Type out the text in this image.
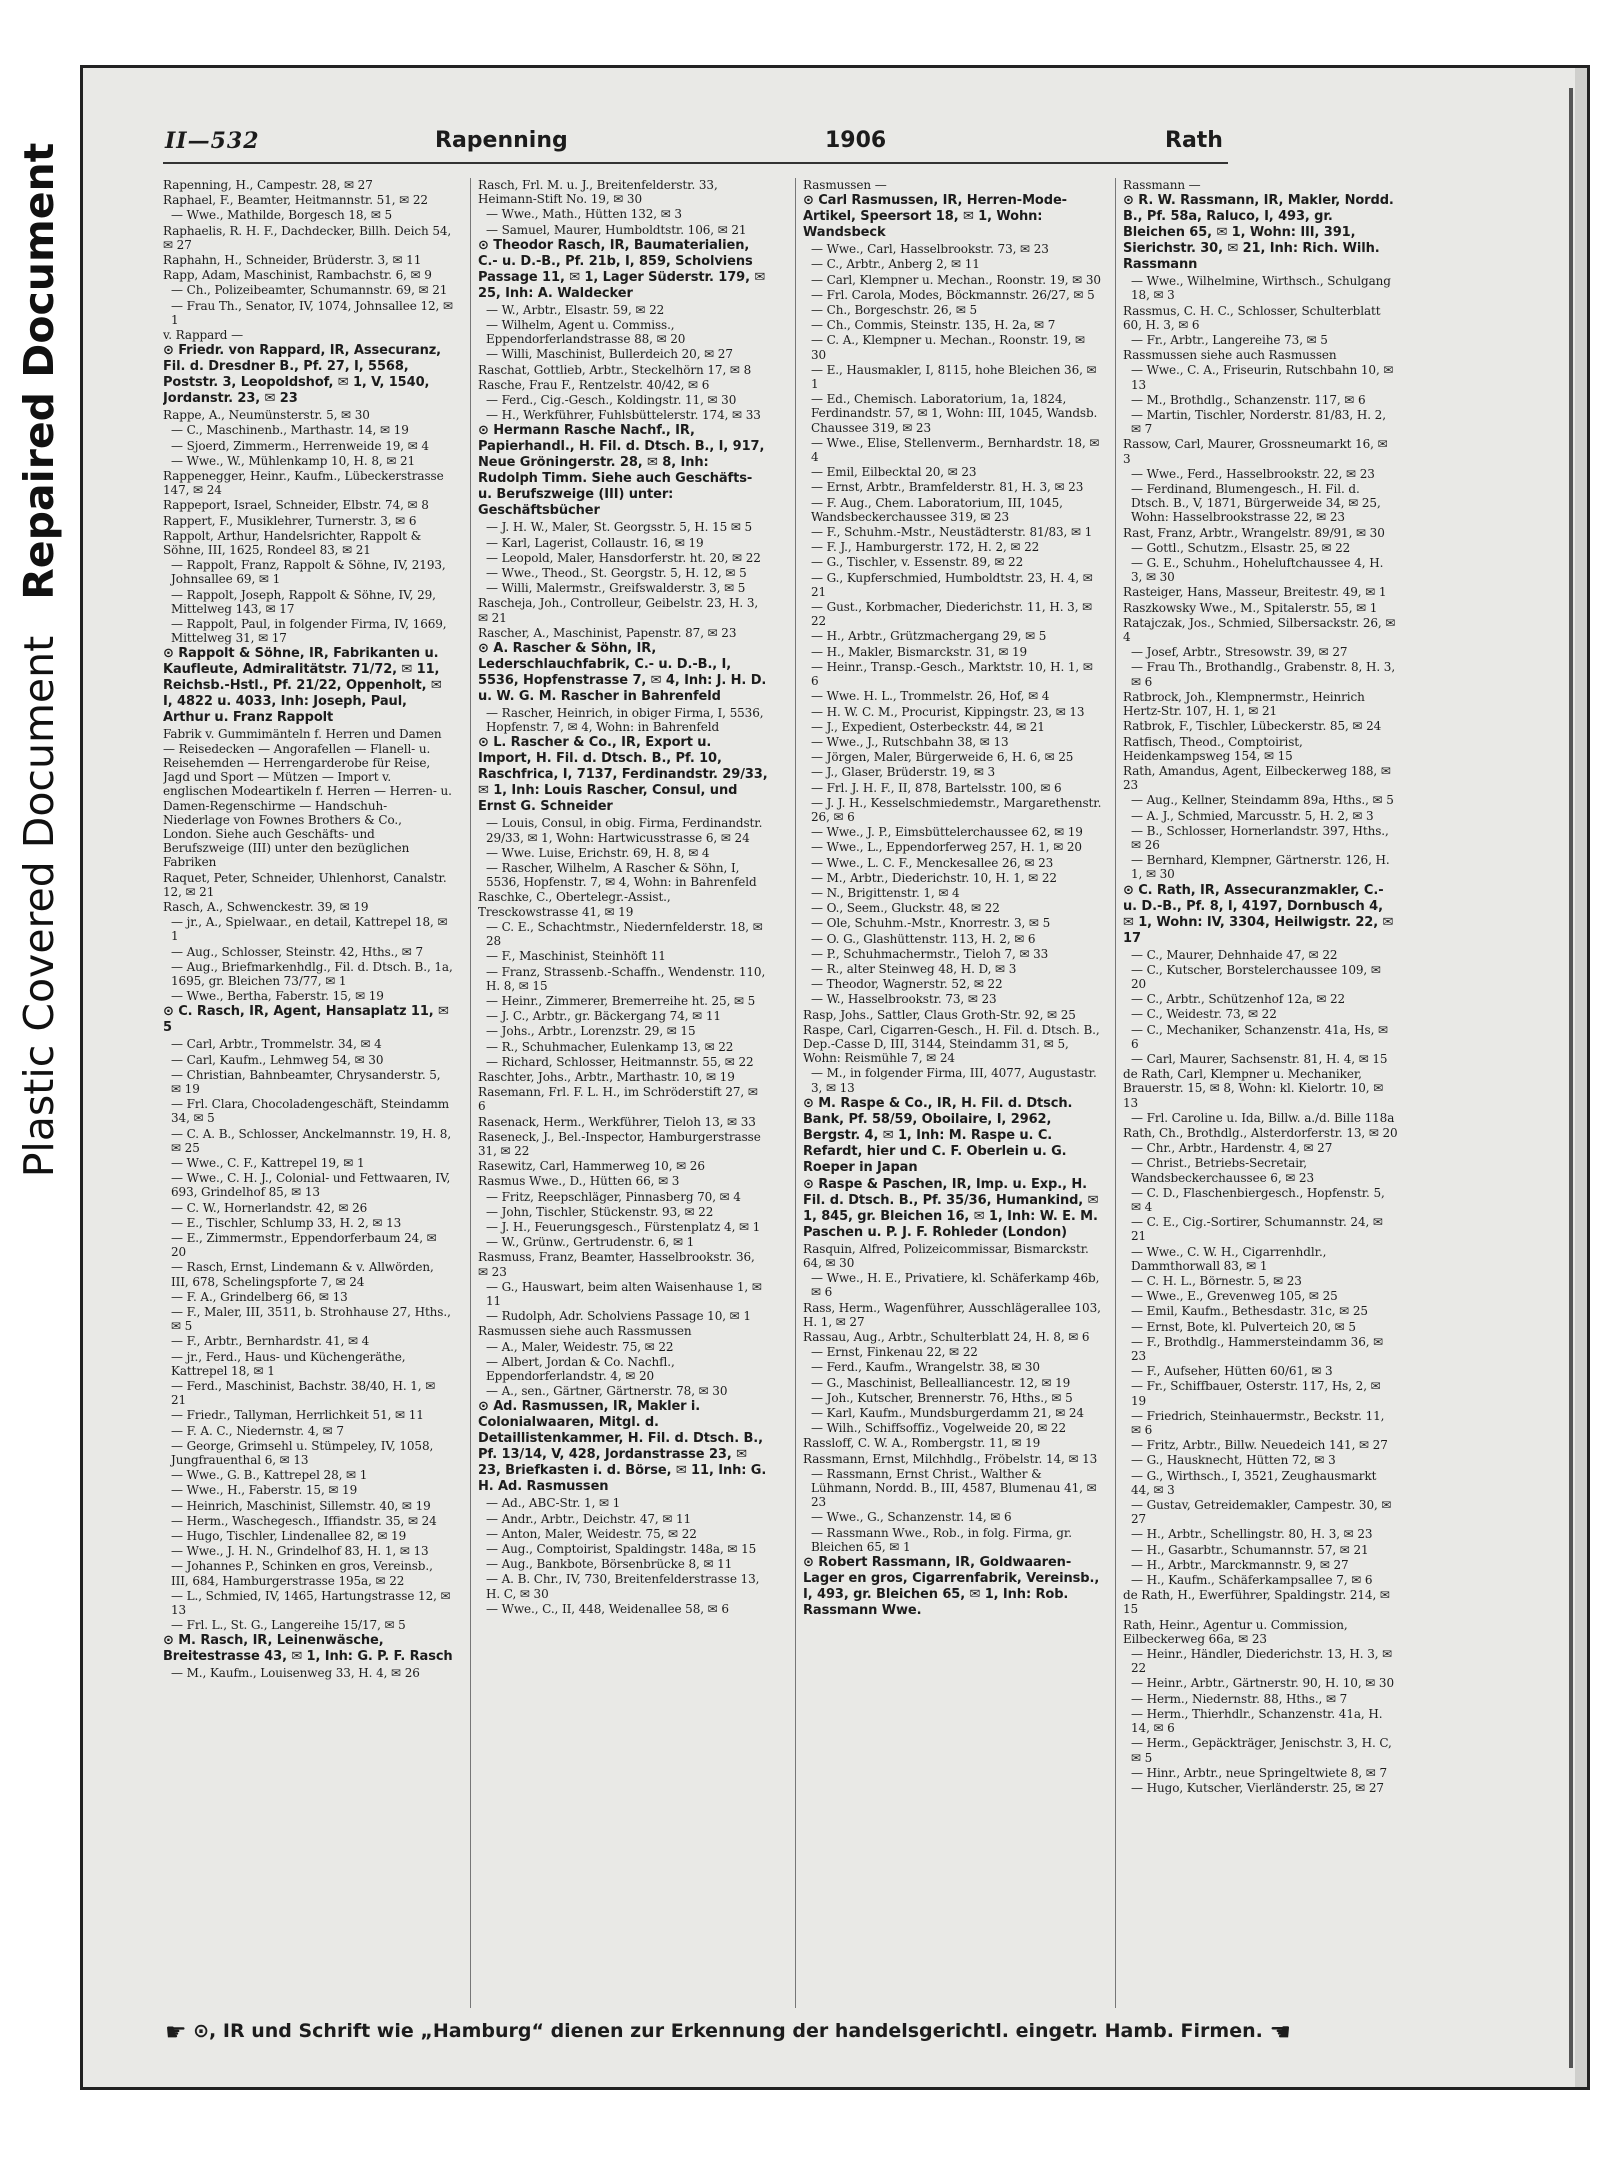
Plastic Covered DocumentRepaired Document
II—532	Rapenning	1906	Rath
Rapenning, H., Campestr. 28, ✉ 27
Raphael, F., Beamter, Heitmannstr. 51, ✉ 22
— Wwe., Mathilde, Borgesch 18, ✉ 5
Raphaelis, R. H. F., Dachdecker, Billh. Deich 54, ✉ 27
Raphahn, H., Schneider, Brüderstr. 3, ✉ 11
Rapp, Adam, Maschinist, Rambachstr. 6, ✉ 9
— Ch., Polizeibeamter, Schumannstr. 69, ✉ 21
— Frau Th., Senator, IV, 1074, Johnsallee 12, ✉ 1
v. Rappard —
⊙ Friedr. von Rappard, IR, Assecuranz, Fil. d. Dresdner B., Pf. 27, I, 5568, Poststr. 3, Leopoldshof, ✉ 1, V, 1540, Jordanstr. 23, ✉ 23
Rappe, A., Neumünsterstr. 5, ✉ 30
— C., Maschinenb., Marthastr. 14, ✉ 19
— Sjoerd, Zimmerm., Herrenweide 19, ✉ 4
— Wwe., W., Mühlenkamp 10, H. 8, ✉ 21
Rappenegger, Heinr., Kaufm., Lübeckerstrasse 147, ✉ 24
Rappeport, Israel, Schneider, Elbstr. 74, ✉ 8
Rappert, F., Musiklehrer, Turnerstr. 3, ✉ 6
Rappolt, Arthur, Handelsrichter, Rappolt & Söhne, III, 1625, Rondeel 83, ✉ 21
— Rappolt, Franz, Rappolt & Söhne, IV, 2193, Johnsallee 69, ✉ 1
— Rappolt, Joseph, Rappolt & Söhne, IV, 29, Mittelweg 143, ✉ 17
— Rappolt, Paul, in folgender Firma, IV, 1669, Mittelweg 31, ✉ 17
⊙ Rappolt & Söhne, IR, Fabrikanten u. Kaufleute, Admiralitätstr. 71/72, ✉ 11, Reichsb.-Hstl., Pf. 21/22, Oppenholt, ✉ I, 4822 u. 4033, Inh: Joseph, Paul, Arthur u. Franz Rappolt
Fabrik v. Gummimänteln f. Herren und Damen — Reisedecken — Angorafellen — Flanell- u. Reisehemden — Herrengarderobe für Reise, Jagd und Sport — Mützen — Import v. englischen Modeartikeln f. Herren — Herren- u. Damen-Regenschirme — Handschuh-Niederlage von Fownes Brothers & Co., London. Siehe auch Geschäfts- und Berufszweige (III) unter den bezüglichen Fabriken
Raquet, Peter, Schneider, Uhlenhorst, Canalstr. 12, ✉ 21
Rasch, A., Schwenckestr. 39, ✉ 19
— jr., A., Spielwaar., en detail, Kattrepel 18, ✉ 1
— Aug., Schlosser, Steinstr. 42, Hths., ✉ 7
— Aug., Briefmarkenhdlg., Fil. d. Dtsch. B., 1a, 1695, gr. Bleichen 73/77, ✉ 1
— Wwe., Bertha, Faberstr. 15, ✉ 19
⊙ C. Rasch, IR, Agent, Hansaplatz 11, ✉ 5
— Carl, Arbtr., Trommelstr. 34, ✉ 4
— Carl, Kaufm., Lehmweg 54, ✉ 30
— Christian, Bahnbeamter, Chrysanderstr. 5, ✉ 19
— Frl. Clara, Chocoladengeschäft, Steindamm 34, ✉ 5
— C. A. B., Schlosser, Anckelmannstr. 19, H. 8, ✉ 25
— Wwe., C. F., Kattrepel 19, ✉ 1
— Wwe., C. H. J., Colonial- und Fettwaaren, IV, 693, Grindelhof 85, ✉ 13
— C. W., Hornerlandstr. 42, ✉ 26
— E., Tischler, Schlump 33, H. 2, ✉ 13
— E., Zimmermstr., Eppendorferbaum 24, ✉ 20
— Rasch, Ernst, Lindemann & v. Allwörden, III, 678, Schelingspforte 7, ✉ 24
— F. A., Grindelberg 66, ✉ 13
— F., Maler, III, 3511, b. Strohhause 27, Hths., ✉ 5
— F., Arbtr., Bernhardstr. 41, ✉ 4
— jr., Ferd., Haus- und Küchengeräthe, Kattrepel 18, ✉ 1
— Ferd., Maschinist, Bachstr. 38/40, H. 1, ✉ 21
— Friedr., Tallyman, Herrlichkeit 51, ✉ 11
— F. A. C., Niedernstr. 4, ✉ 7
— George, Grimsehl u. Stümpeley, IV, 1058, Jungfrauenthal 6, ✉ 13
— Wwe., G. B., Kattrepel 28, ✉ 1
— Wwe., H., Faberstr. 15, ✉ 19
— Heinrich, Maschinist, Sillemstr. 40, ✉ 19
— Herm., Waschegesch., Iffiandstr. 35, ✉ 24
— Hugo, Tischler, Lindenallee 82, ✉ 19
— Wwe., J. H. N., Grindelhof 83, H. 1, ✉ 13
— Johannes P., Schinken en gros, Vereinsb., III, 684, Hamburgerstrasse 195a, ✉ 22
— L., Schmied, IV, 1465, Hartungstrasse 12, ✉ 13
— Frl. L., St. G., Langereihe 15/17, ✉ 5
⊙ M. Rasch, IR, Leinenwäsche, Breitestrasse 43, ✉ 1, Inh: G. P. F. Rasch
— M., Kaufm., Louisenweg 33, H. 4, ✉ 26
Rasch, Frl. M. u. J., Breitenfelderstr. 33, Heimann-Stift No. 19, ✉ 30
— Wwe., Math., Hütten 132, ✉ 3
— Samuel, Maurer, Humboldtstr. 106, ✉ 21
⊙ Theodor Rasch, IR, Baumaterialien, C.- u. D.-B., Pf. 21b, I, 859, Scholviens Passage 11, ✉ 1, Lager Süderstr. 179, ✉ 25, Inh: A. Waldecker
— W., Arbtr., Elsastr. 59, ✉ 22
— Wilhelm, Agent u. Commiss., Eppendorferlandstrasse 88, ✉ 20
— Willi, Maschinist, Bullerdeich 20, ✉ 27
Raschat, Gottlieb, Arbtr., Steckelhörn 17, ✉ 8
Rasche, Frau F., Rentzelstr. 40/42, ✉ 6
— Ferd., Cig.-Gesch., Koldingstr. 11, ✉ 30
— H., Werkführer, Fuhlsbüttelerstr. 174, ✉ 33
⊙ Hermann Rasche Nachf., IR, Papierhandl., H. Fil. d. Dtsch. B., I, 917, Neue Gröningerstr. 28, ✉ 8, Inh: Rudolph Timm. Siehe auch Geschäfts- u. Berufszweige (III) unter: Geschäftsbücher
— J. H. W., Maler, St. Georgsstr. 5, H. 15 ✉ 5
— Karl, Lagerist, Collaustr. 16, ✉ 19
— Leopold, Maler, Hansdorferstr. ht. 20, ✉ 22
— Wwe., Theod., St. Georgstr. 5, H. 12, ✉ 5
— Willi, Malermstr., Greifswalderstr. 3, ✉ 5
Rascheja, Joh., Controlleur, Geibelstr. 23, H. 3, ✉ 21
Rascher, A., Maschinist, Papenstr. 87, ✉ 23
⊙ A. Rascher & Söhn, IR, Lederschlauchfabrik, C.- u. D.-B., I, 5536, Hopfenstrasse 7, ✉ 4, Inh: J. H. D. u. W. G. M. Rascher in Bahrenfeld
— Rascher, Heinrich, in obiger Firma, I, 5536, Hopfenstr. 7, ✉ 4, Wohn: in Bahrenfeld
⊙ L. Rascher & Co., IR, Export u. Import, H. Fil. d. Dtsch. B., Pf. 10, Raschfrica, I, 7137, Ferdinandstr. 29/33, ✉ 1, Inh: Louis Rascher, Consul, und Ernst G. Schneider
— Louis, Consul, in obig. Firma, Ferdinandstr. 29/33, ✉ 1, Wohn: Hartwicusstrasse 6, ✉ 24
— Wwe. Luise, Erichstr. 69, H. 8, ✉ 4
— Rascher, Wilhelm, A Rascher & Söhn, I, 5536, Hopfenstr. 7, ✉ 4, Wohn: in Bahrenfeld
Raschke, C., Obertelegr.-Assist., Tresckowstrasse 41, ✉ 19
— C. E., Schachtmstr., Niedernfelderstr. 18, ✉ 28
— F., Maschinist, Steinhöft 11
— Franz, Strassenb.-Schaffn., Wendenstr. 110, H. 8, ✉ 15
— Heinr., Zimmerer, Bremerreihe ht. 25, ✉ 5
— J. C., Arbtr., gr. Bäckergang 74, ✉ 11
— Johs., Arbtr., Lorenzstr. 29, ✉ 15
— R., Schuhmacher, Eulenkamp 13, ✉ 22
— Richard, Schlosser, Heitmannstr. 55, ✉ 22
Raschter, Johs., Arbtr., Marthastr. 10, ✉ 19
Rasemann, Frl. F. L. H., im Schröderstift 27, ✉ 6
Rasenack, Herm., Werkführer, Tieloh 13, ✉ 33
Raseneck, J., Bel.-Inspector, Hamburgerstrasse 31, ✉ 22
Rasewitz, Carl, Hammerweg 10, ✉ 26
Rasmus Wwe., D., Hütten 66, ✉ 3
— Fritz, Reepschläger, Pinnasberg 70, ✉ 4
— John, Tischler, Stückenstr. 93, ✉ 22
— J. H., Feuerungsgesch., Fürstenplatz 4, ✉ 1
— W., Grünw., Gertrudenstr. 6, ✉ 1
Rasmuss, Franz, Beamter, Hasselbrookstr. 36, ✉ 23
— G., Hauswart, beim alten Waisenhause 1, ✉ 11
— Rudolph, Adr. Scholviens Passage 10, ✉ 1
Rasmussen siehe auch Rassmussen
— A., Maler, Weidestr. 75, ✉ 22
— Albert, Jordan & Co. Nachfl., Eppendorferlandstr. 4, ✉ 20
— A., sen., Gärtner, Gärtnerstr. 78, ✉ 30
⊙ Ad. Rasmussen, IR, Makler i. Colonialwaaren, Mitgl. d. Detaillistenkammer, H. Fil. d. Dtsch. B., Pf. 13/14, V, 428, Jordanstrasse 23, ✉ 23, Briefkasten i. d. Börse, ✉ 11, Inh: G. H. Ad. Rasmussen
— Ad., ABC-Str. 1, ✉ 1
— Andr., Arbtr., Deichstr. 47, ✉ 11
— Anton, Maler, Weidestr. 75, ✉ 22
— Aug., Comptoirist, Spaldingstr. 148a, ✉ 15
— Aug., Bankbote, Börsenbrücke 8, ✉ 11
— A. B. Chr., IV, 730, Breitenfelderstrasse 13, H. C, ✉ 30
— Wwe., C., II, 448, Weidenallee 58, ✉ 6
Rasmussen —
⊙ Carl Rasmussen, IR, Herren-Mode-Artikel, Speersort 18, ✉ 1, Wohn: Wandsbeck
— Wwe., Carl, Hasselbrookstr. 73, ✉ 23
— C., Arbtr., Anberg 2, ✉ 11
— Carl, Klempner u. Mechan., Roonstr. 19, ✉ 30
— Frl. Carola, Modes, Böckmannstr. 26/27, ✉ 5
— Ch., Borgeschstr. 26, ✉ 5
— Ch., Commis, Steinstr. 135, H. 2a, ✉ 7
— C. A., Klempner u. Mechan., Roonstr. 19, ✉ 30
— E., Hausmakler, I, 8115, hohe Bleichen 36, ✉ 1
— Ed., Chemisch. Laboratorium, 1a, 1824, Ferdinandstr. 57, ✉ 1, Wohn: III, 1045, Wandsb. Chaussee 319, ✉ 23
— Wwe., Elise, Stellenverm., Bernhardstr. 18, ✉ 4
— Emil, Eilbecktal 20, ✉ 23
— Ernst, Arbtr., Bramfelderstr. 81, H. 3, ✉ 23
— F. Aug., Chem. Laboratorium, III, 1045, Wandsbeckerchaussee 319, ✉ 23
— F., Schuhm.-Mstr., Neustädterstr. 81/83, ✉ 1
— F. J., Hamburgerstr. 172, H. 2, ✉ 22
— G., Tischler, v. Essenstr. 89, ✉ 22
— G., Kupferschmied, Humboldtstr. 23, H. 4, ✉ 21
— Gust., Korbmacher, Diederichstr. 11, H. 3, ✉ 22
— H., Arbtr., Grützmachergang 29, ✉ 5
— H., Makler, Bismarckstr. 31, ✉ 19
— Heinr., Transp.-Gesch., Marktstr. 10, H. 1, ✉ 6
— Wwe. H. L., Trommelstr. 26, Hof, ✉ 4
— H. W. C. M., Procurist, Kippingstr. 23, ✉ 13
— J., Expedient, Osterbeckstr. 44, ✉ 21
— Wwe., J., Rutschbahn 38, ✉ 13
— Jörgen, Maler, Bürgerweide 6, H. 6, ✉ 25
— J., Glaser, Brüderstr. 19, ✉ 3
— Frl. J. H. F., II, 878, Bartelsstr. 100, ✉ 6
— J. J. H., Kesselschmiedemstr., Margarethenstr. 26, ✉ 6
— Wwe., J. P., Eimsbüttelerchaussee 62, ✉ 19
— Wwe., L., Eppendorferweg 257, H. 1, ✉ 20
— Wwe., L. C. F., Menckesallee 26, ✉ 23
— M., Arbtr., Diederichstr. 10, H. 1, ✉ 22
— N., Brigittenstr. 1, ✉ 4
— O., Seem., Gluckstr. 48, ✉ 22
— Ole, Schuhm.-Mstr., Knorrestr. 3, ✉ 5
— O. G., Glashüttenstr. 113, H. 2, ✉ 6
— P., Schuhmachermstr., Tieloh 7, ✉ 33
— R., alter Steinweg 48, H. D, ✉ 3
— Theodor, Wagnerstr. 52, ✉ 22
— W., Hasselbrookstr. 73, ✉ 23
Rasp, Johs., Sattler, Claus Groth-Str. 92, ✉ 25
Raspe, Carl, Cigarren-Gesch., H. Fil. d. Dtsch. B., Dep.-Casse D, III, 3144, Steindamm 31, ✉ 5, Wohn: Reismühle 7, ✉ 24
— M., in folgender Firma, III, 4077, Augustastr. 3, ✉ 13
⊙ M. Raspe & Co., IR, H. Fil. d. Dtsch. Bank, Pf. 58/59, Oboilaire, I, 2962, Bergstr. 4, ✉ 1, Inh: M. Raspe u. C. Refardt, hier und C. F. Oberlein u. G. Roeper in Japan
⊙ Raspe & Paschen, IR, Imp. u. Exp., H. Fil. d. Dtsch. B., Pf. 35/36, Humankind, ✉ 1, 845, gr. Bleichen 16, ✉ 1, Inh: W. E. M. Paschen u. P. J. F. Rohleder (London)
Rasquin, Alfred, Polizeicommissar, Bismarckstr. 64, ✉ 30
— Wwe., H. E., Privatiere, kl. Schäferkamp 46b, ✉ 6
Rass, Herm., Wagenführer, Ausschlägerallee 103, H. 1, ✉ 27
Rassau, Aug., Arbtr., Schulterblatt 24, H. 8, ✉ 6
— Ernst, Finkenau 22, ✉ 22
— Ferd., Kaufm., Wrangelstr. 38, ✉ 30
— G., Maschinist, Bellealliancestr. 12, ✉ 19
— Joh., Kutscher, Brennerstr. 76, Hths., ✉ 5
— Karl, Kaufm., Mundsburgerdamm 21, ✉ 24
— Wilh., Schiffsoffiz., Vogelweide 20, ✉ 22
Rassloff, C. W. A., Rombergstr. 11, ✉ 19
Rassmann, Ernst, Milchhdlg., Fröbelstr. 14, ✉ 13
— Rassmann, Ernst Christ., Walther & Lühmann, Nordd. B., III, 4587, Blumenau 41, ✉ 23
— Wwe., G., Schanzenstr. 14, ✉ 6
— Rassmann Wwe., Rob., in folg. Firma, gr. Bleichen 65, ✉ 1
⊙ Robert Rassmann, IR, Goldwaaren-Lager en gros, Cigarrenfabrik, Vereinsb., I, 493, gr. Bleichen 65, ✉ 1, Inh: Rob. Rassmann Wwe.
Rassmann —
⊙ R. W. Rassmann, IR, Makler, Nordd. B., Pf. 58a, Raluco, I, 493, gr. Bleichen 65, ✉ 1, Wohn: III, 391, Sierichstr. 30, ✉ 21, Inh: Rich. Wilh. Rassmann
— Wwe., Wilhelmine, Wirthsch., Schulgang 18, ✉ 3
Rassmus, C. H. C., Schlosser, Schulterblatt 60, H. 3, ✉ 6
— Fr., Arbtr., Langereihe 73, ✉ 5
Rassmussen siehe auch Rasmussen
— Wwe., C. A., Friseurin, Rutschbahn 10, ✉ 13
— M., Brothdlg., Schanzenstr. 117, ✉ 6
— Martin, Tischler, Norderstr. 81/83, H. 2, ✉ 7
Rassow, Carl, Maurer, Grossneumarkt 16, ✉ 3
— Wwe., Ferd., Hasselbrookstr. 22, ✉ 23
— Ferdinand, Blumengesch., H. Fil. d. Dtsch. B., V, 1871, Bürgerweide 34, ✉ 25, Wohn: Hasselbrookstrasse 22, ✉ 23
Rast, Franz, Arbtr., Wrangelstr. 89/91, ✉ 30
— Gottl., Schutzm., Elsastr. 25, ✉ 22
— G. E., Schuhm., Hoheluftchaussee 4, H. 3, ✉ 30
Rasteiger, Hans, Masseur, Breitestr. 49, ✉ 1
Raszkowsky Wwe., M., Spitalerstr. 55, ✉ 1
Ratajczak, Jos., Schmied, Silbersackstr. 26, ✉ 4
— Josef, Arbtr., Stresowstr. 39, ✉ 27
— Frau Th., Brothandlg., Grabenstr. 8, H. 3, ✉ 6
Ratbrock, Joh., Klempnermstr., Heinrich Hertz-Str. 107, H. 1, ✉ 21
Ratbrok, F., Tischler, Lübeckerstr. 85, ✉ 24
Ratfisch, Theod., Comptoirist, Heidenkampsweg 154, ✉ 15
Rath, Amandus, Agent, Eilbeckerweg 188, ✉ 23
— Aug., Kellner, Steindamm 89a, Hths., ✉ 5
— A. J., Schmied, Marcusstr. 5, H. 2, ✉ 3
— B., Schlosser, Hornerlandstr. 397, Hths., ✉ 26
— Bernhard, Klempner, Gärtnerstr. 126, H. 1, ✉ 30
⊙ C. Rath, IR, Assecuranzmakler, C.- u. D.-B., Pf. 8, I, 4197, Dornbusch 4, ✉ 1, Wohn: IV, 3304, Heilwigstr. 22, ✉ 17
— C., Maurer, Dehnhaide 47, ✉ 22
— C., Kutscher, Borstelerchaussee 109, ✉ 20
— C., Arbtr., Schützenhof 12a, ✉ 22
— C., Weidestr. 73, ✉ 22
— C., Mechaniker, Schanzenstr. 41a, Hs, ✉ 6
— Carl, Maurer, Sachsenstr. 81, H. 4, ✉ 15
de Rath, Carl, Klempner u. Mechaniker, Brauerstr. 15, ✉ 8, Wohn: kl. Kielortr. 10, ✉ 13
— Frl. Caroline u. Ida, Billw. a./d. Bille 118a
Rath, Ch., Brothdlg., Alsterdorferstr. 13, ✉ 20
— Chr., Arbtr., Hardenstr. 4, ✉ 27
— Christ., Betriebs-Secretair, Wandsbeckerchaussee 6, ✉ 23
— C. D., Flaschenbiergesch., Hopfenstr. 5, ✉ 4
— C. E., Cig.-Sortirer, Schumannstr. 24, ✉ 21
— Wwe., C. W. H., Cigarrenhdlr., Dammthorwall 83, ✉ 1
— C. H. L., Börnestr. 5, ✉ 23
— Wwe., E., Grevenweg 105, ✉ 25
— Emil, Kaufm., Bethesdastr. 31c, ✉ 25
— Ernst, Bote, kl. Pulverteich 20, ✉ 5
— F., Brothdlg., Hammersteindamm 36, ✉ 23
— F., Aufseher, Hütten 60/61, ✉ 3
— Fr., Schiffbauer, Osterstr. 117, Hs, 2, ✉ 19
— Friedrich, Steinhauermstr., Beckstr. 11, ✉ 6
— Fritz, Arbtr., Billw. Neuedeich 141, ✉ 27
— G., Hausknecht, Hütten 72, ✉ 3
— G., Wirthsch., I, 3521, Zeughausmarkt 44, ✉ 3
— Gustav, Getreidemakler, Campestr. 30, ✉ 27
— H., Arbtr., Schellingstr. 80, H. 3, ✉ 23
— H., Gasarbtr., Schumannstr. 57, ✉ 21
— H., Arbtr., Marckmannstr. 9, ✉ 27
— H., Kaufm., Schäferkampsallee 7, ✉ 6
de Rath, H., Ewerführer, Spaldingstr. 214, ✉ 15
Rath, Heinr., Agentur u. Commission, Eilbeckerweg 66a, ✉ 23
— Heinr., Händler, Diederichstr. 13, H. 3, ✉ 22
— Heinr., Arbtr., Gärtnerstr. 90, H. 10, ✉ 30
— Herm., Niedernstr. 88, Hths., ✉ 7
— Herm., Thierhdlr., Schanzenstr. 41a, H. 14, ✉ 6
— Herm., Gepäckträger, Jenischstr. 3, H. C, ✉ 5
— Hinr., Arbtr., neue Springeltwiete 8, ✉ 7
— Hugo, Kutscher, Vierländerstr. 25, ✉ 27
☛ ⊙, IR und Schrift wie „Hamburg“ dienen zur Erkennung der handelsgerichtl. eingetr. Hamb. Firmen. ☚
